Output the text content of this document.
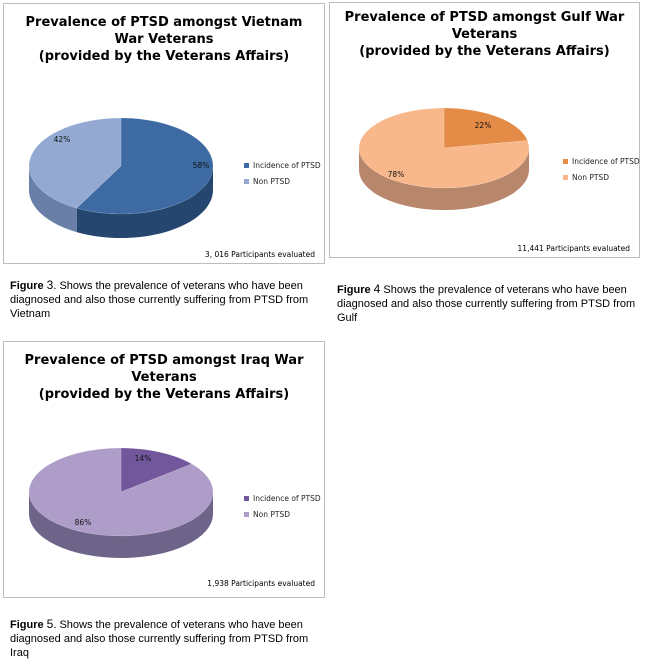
Prevalence of PTSD amongst Vietnam
War Veterans
(provided by the Veterans Affairs)
58%
42%
Incidence of PTSD
Non PTSD
3, 016 Participants evaluated
Prevalence of PTSD amongst Gulf War
Veterans
(provided by the Veterans Affairs)
22%
78%
Incidence of PTSD
Non PTSD
11,441 Participants evaluated
Prevalence of PTSD amongst Iraq War
Veterans
(provided by the Veterans Affairs)
14%
86%
Incidence of PTSD
Non PTSD
1,938 Participants evaluated
Figure 3. Shows the prevalence of veterans who have been diagnosed and also those currently suffering from PTSD from Vietnam
Figure 4 Shows the prevalence of veterans who have been diagnosed and also those currently suffering from PTSD from Gulf
Figure 5. Shows the prevalence of veterans who have been diagnosed and also those currently suffering from PTSD from Iraq
